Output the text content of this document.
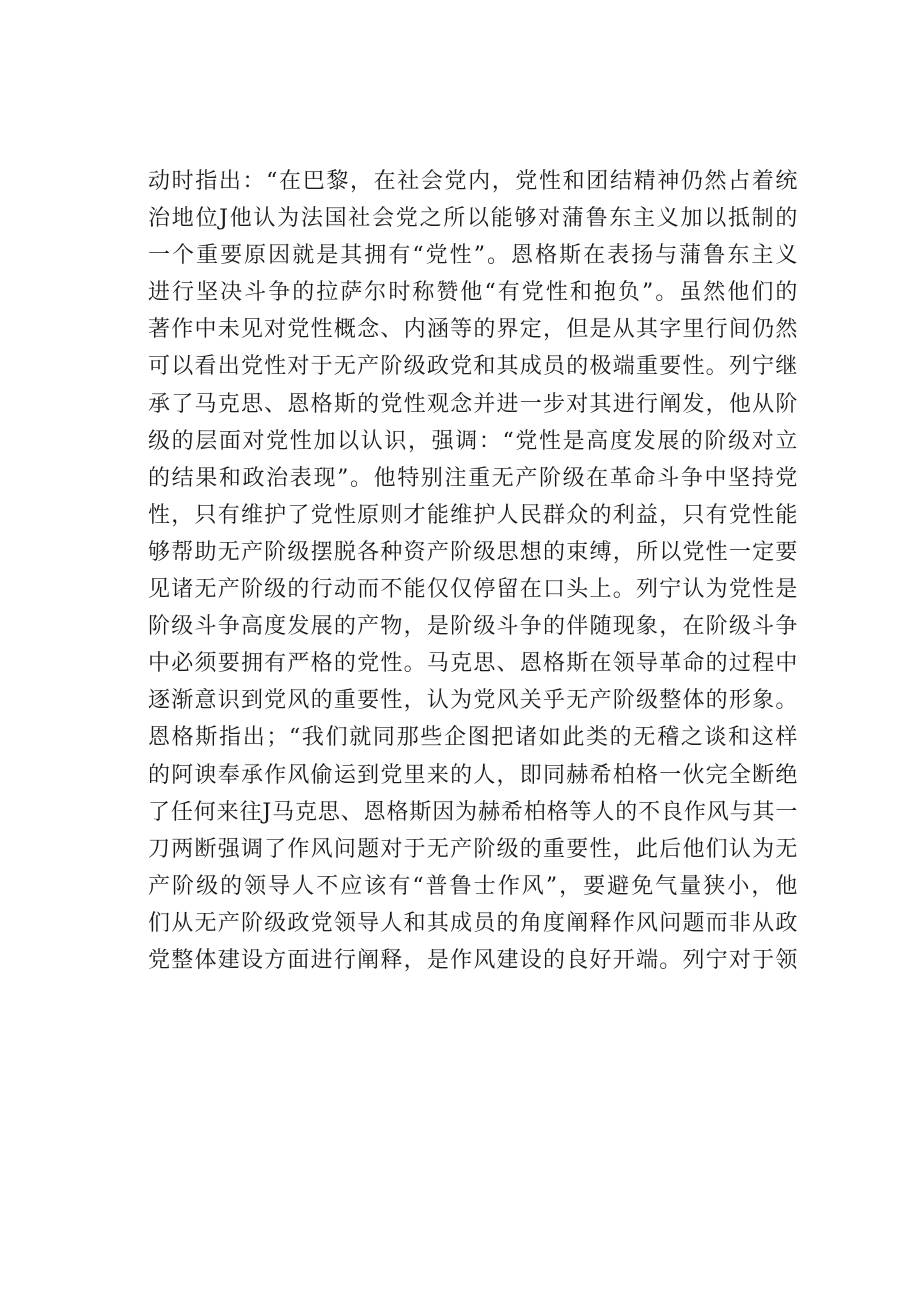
动时指出：“在巴黎，在社会党内，党性和团结精神仍然占着统
治地位J他认为法国社会党之所以能够对蒲鲁东主义加以抵制的
一个重要原因就是其拥有“党性”。恩格斯在表扬与蒲鲁东主义
进行坚决斗争的拉萨尔时称赞他“有党性和抱负”。虽然他们的
著作中未见对党性概念、内涵等的界定，但是从其字里行间仍然
可以看出党性对于无产阶级政党和其成员的极端重要性。列宁继
承了马克思、恩格斯的党性观念并进一步对其进行阐发，他从阶
级的层面对党性加以认识，强调：“党性是高度发展的阶级对立
的结果和政治表现”。他特别注重无产阶级在革命斗争中坚持党
性，只有维护了党性原则才能维护人民群众的利益，只有党性能
够帮助无产阶级摆脱各种资产阶级思想的束缚，所以党性一定要
见诸无产阶级的行动而不能仅仅停留在口头上。列宁认为党性是
阶级斗争高度发展的产物，是阶级斗争的伴随现象，在阶级斗争
中必须要拥有严格的党性。马克思、恩格斯在领导革命的过程中
逐渐意识到党风的重要性，认为党风关乎无产阶级整体的形象。
恩格斯指出；“我们就同那些企图把诸如此类的无稽之谈和这样
的阿谀奉承作风偷运到党里来的人，即同赫希柏格一伙完全断绝
了任何来往J马克思、恩格斯因为赫希柏格等人的不良作风与其一
刀两断强调了作风问题对于无产阶级的重要性，此后他们认为无
产阶级的领导人不应该有“普鲁士作风”，要避免气量狭小，他
们从无产阶级政党领导人和其成员的角度阐释作风问题而非从政
党整体建设方面进行阐释，是作风建设的良好开端。列宁对于领
